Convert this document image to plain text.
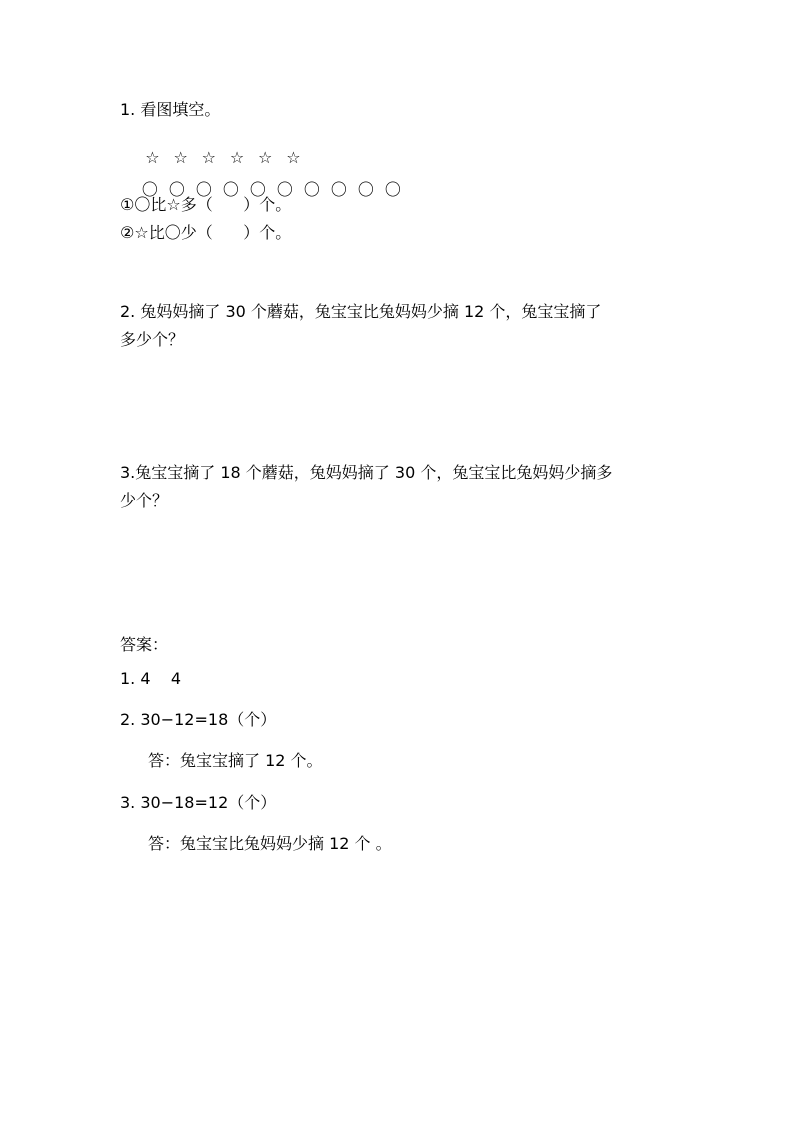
1. 看图填空。

☆ ☆ ☆ ☆ ☆ ☆

〇 〇 〇 〇 〇 〇 〇 〇 〇 〇

①〇比☆多（      ）个。
②☆比〇少（      ）个。
2. 兔妈妈摘了 30 个蘑菇，兔宝宝比兔妈妈少摘 12 个，兔宝宝摘了
多少个？
3.兔宝宝摘了 18 个蘑菇，兔妈妈摘了 30 个，兔宝宝比兔妈妈少摘多
少个？
答案：
1. 4    4
2. 30−12=18（个）
答：兔宝宝摘了 12 个。
3. 30−18=12（个）
答：兔宝宝比兔妈妈少摘 12 个 。
